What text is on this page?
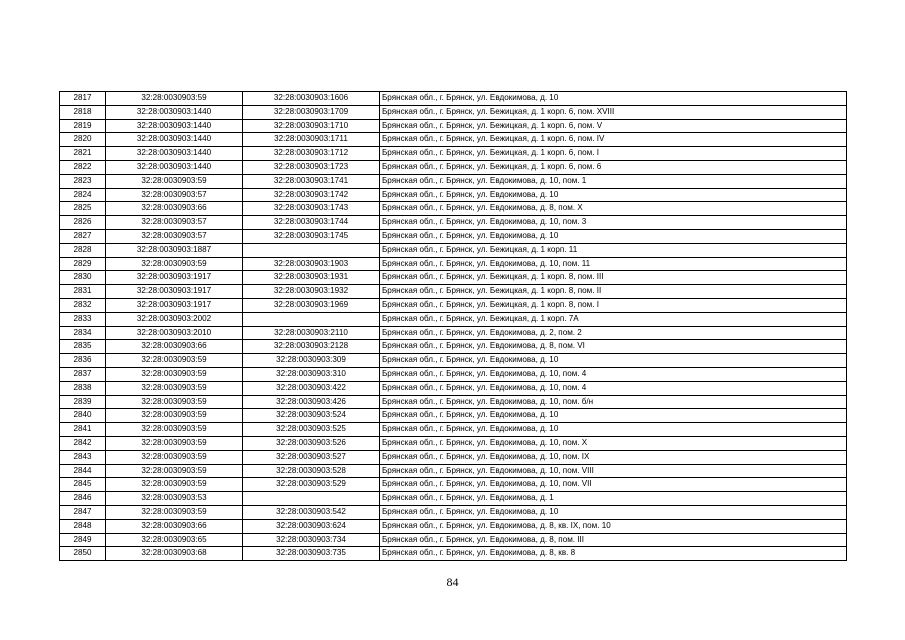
2817	32:28:0030903:59	32:28:0030903:1606	Брянская обл., г. Брянск, ул. Евдокимова, д. 10
2818	32:28:0030903:1440	32:28:0030903:1709	Брянская обл., г. Брянск, ул. Бежицкая, д. 1 корп. 6, пом. XVIII
2819	32:28:0030903:1440	32:28:0030903:1710	Брянская обл., г. Брянск, ул. Бежицкая, д. 1 корп. 6, пом. V
2820	32:28:0030903:1440	32:28:0030903:1711	Брянская обл., г. Брянск, ул. Бежицкая, д. 1 корп. 6, пом. IV
2821	32:28:0030903:1440	32:28:0030903:1712	Брянская обл., г. Брянск, ул. Бежицкая, д. 1 корп. 6, пом. I
2822	32:28:0030903:1440	32:28:0030903:1723	Брянская обл., г. Брянск, ул. Бежицкая, д. 1 корп. 6, пом. 6
2823	32:28:0030903:59	32:28:0030903:1741	Брянская обл., г. Брянск, ул. Евдокимова, д. 10, пом. 1
2824	32:28:0030903:57	32:28:0030903:1742	Брянская обл., г. Брянск, ул. Евдокимова, д. 10
2825	32:28:0030903:66	32:28:0030903:1743	Брянская обл., г. Брянск, ул. Евдокимова, д. 8, пом. X
2826	32:28:0030903:57	32:28:0030903:1744	Брянская обл., г. Брянск, ул. Евдокимова, д. 10, пом. 3
2827	32:28:0030903:57	32:28:0030903:1745	Брянская обл., г. Брянск, ул. Евдокимова, д. 10
2828	32:28:0030903:1887		Брянская обл., г. Брянск, ул. Бежицкая, д. 1 корп. 11
2829	32:28:0030903:59	32:28:0030903:1903	Брянская обл., г. Брянск, ул. Евдокимова, д. 10, пом. 11
2830	32:28:0030903:1917	32:28:0030903:1931	Брянская обл., г. Брянск, ул. Бежицкая, д. 1 корп. 8, пом. III
2831	32:28:0030903:1917	32:28:0030903:1932	Брянская обл., г. Брянск, ул. Бежицкая, д. 1 корп. 8, пом. II
2832	32:28:0030903:1917	32:28:0030903:1969	Брянская обл., г. Брянск, ул. Бежицкая, д. 1 корп. 8, пом. I
2833	32:28:0030903:2002		Брянская обл., г. Брянск, ул. Бежицкая, д. 1 корп. 7А
2834	32:28:0030903:2010	32:28:0030903:2110	Брянская обл., г. Брянск, ул. Евдокимова, д. 2, пом. 2
2835	32:28:0030903:66	32:28:0030903:2128	Брянская обл., г. Брянск, ул. Евдокимова, д. 8, пом. VI
2836	32:28:0030903:59	32:28:0030903:309	Брянская обл., г. Брянск, ул. Евдокимова, д. 10
2837	32:28:0030903:59	32:28:0030903:310	Брянская обл., г. Брянск, ул. Евдокимова, д. 10, пом. 4
2838	32:28:0030903:59	32:28:0030903:422	Брянская обл., г. Брянск, ул. Евдокимова, д. 10, пом. 4
2839	32:28:0030903:59	32:28:0030903:426	Брянская обл., г. Брянск, ул. Евдокимова, д. 10, пом. б/н
2840	32:28:0030903:59	32:28:0030903:524	Брянская обл., г. Брянск, ул. Евдокимова, д. 10
2841	32:28:0030903:59	32:28:0030903:525	Брянская обл., г. Брянск, ул. Евдокимова, д. 10
2842	32:28:0030903:59	32:28:0030903:526	Брянская обл., г. Брянск, ул. Евдокимова, д. 10, пом. X
2843	32:28:0030903:59	32:28:0030903:527	Брянская обл., г. Брянск, ул. Евдокимова, д. 10, пом. IX
2844	32:28:0030903:59	32:28:0030903:528	Брянская обл., г. Брянск, ул. Евдокимова, д. 10, пом. VIII
2845	32:28:0030903:59	32:28:0030903:529	Брянская обл., г. Брянск, ул. Евдокимова, д. 10, пом. VII
2846	32:28:0030903:53		Брянская обл., г. Брянск, ул. Евдокимова, д. 1
2847	32:28:0030903:59	32:28:0030903:542	Брянская обл., г. Брянск, ул. Евдокимова, д. 10
2848	32:28:0030903:66	32:28:0030903:624	Брянская обл., г. Брянск, ул. Евдокимова, д. 8, кв. IX, пом. 10
2849	32:28:0030903:65	32:28:0030903:734	Брянская обл., г. Брянск, ул. Евдокимова, д. 8, пом. III
2850	32:28:0030903:68	32:28:0030903:735	Брянская обл., г. Брянск, ул. Евдокимова, д. 8, кв. 8
84
